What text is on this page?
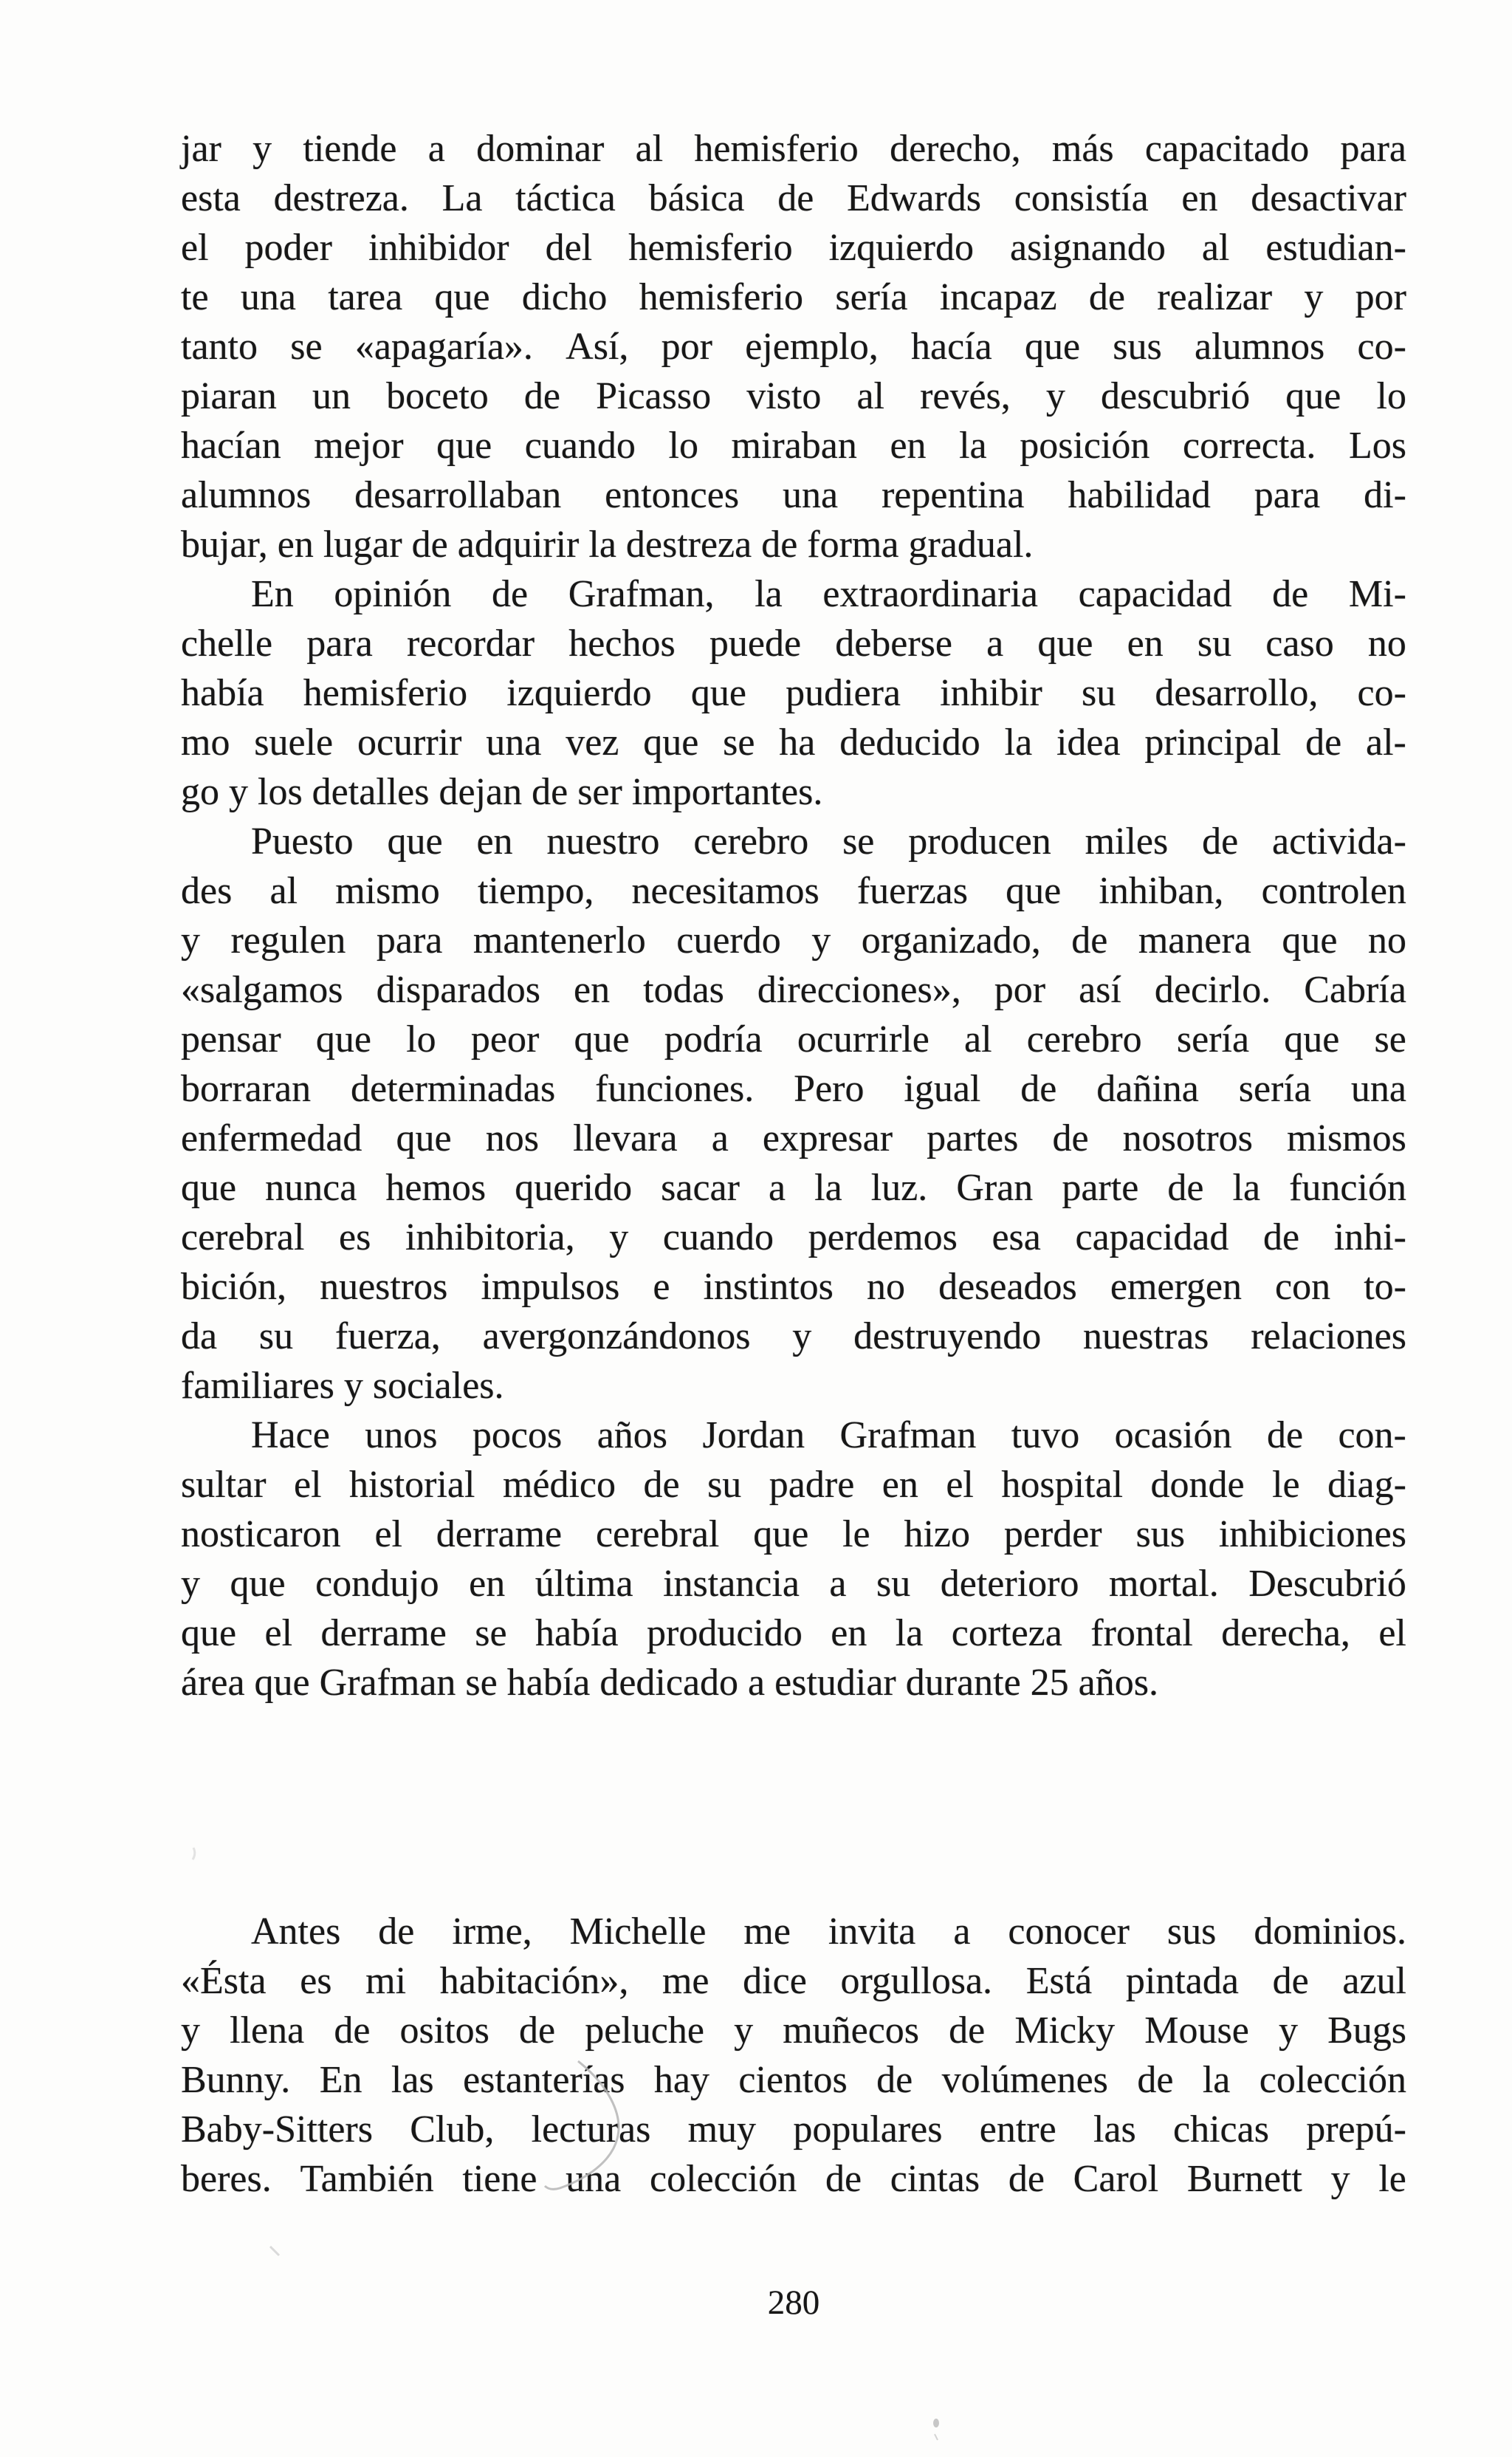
jar y tiende a dominar al hemisferio derecho, más capacitado para
esta destreza. La táctica básica de Edwards consistía en desactivar
el poder inhibidor del hemisferio izquierdo asignando al estudian-
te una tarea que dicho hemisferio sería incapaz de realizar y por
tanto se «apagaría». Así, por ejemplo, hacía que sus alumnos co-
piaran un boceto de Picasso visto al revés, y descubrió que lo
hacían mejor que cuando lo miraban en la posición correcta. Los
alumnos desarrollaban entonces una repentina habilidad para di-
bujar, en lugar de adquirir la destreza de forma gradual.
En opinión de Grafman, la extraordinaria capacidad de Mi-
chelle para recordar hechos puede deberse a que en su caso no
había hemisferio izquierdo que pudiera inhibir su desarrollo, co-
mo suele ocurrir una vez que se ha deducido la idea principal de al-
go y los detalles dejan de ser importantes.
Puesto que en nuestro cerebro se producen miles de activida-
des al mismo tiempo, necesitamos fuerzas que inhiban, controlen
y regulen para mantenerlo cuerdo y organizado, de manera que no
«salgamos disparados en todas direcciones», por así decirlo. Cabría
pensar que lo peor que podría ocurrirle al cerebro sería que se
borraran determinadas funciones. Pero igual de dañina sería una
enfermedad que nos llevara a expresar partes de nosotros mismos
que nunca hemos querido sacar a la luz. Gran parte de la función
cerebral es inhibitoria, y cuando perdemos esa capacidad de inhi-
bición, nuestros impulsos e instintos no deseados emergen con to-
da su fuerza, avergonzándonos y destruyendo nuestras relaciones
familiares y sociales.
Hace unos pocos años Jordan Grafman tuvo ocasión de con-
sultar el historial médico de su padre en el hospital donde le diag-
nosticaron el derrame cerebral que le hizo perder sus inhibiciones
y que condujo en última instancia a su deterioro mortal. Descubrió
que el derrame se había producido en la corteza frontal derecha, el
área que Grafman se había dedicado a estudiar durante 25 años.
Antes de irme, Michelle me invita a conocer sus dominios.
«Ésta es mi habitación», me dice orgullosa. Está pintada de azul
y llena de ositos de peluche y muñecos de Micky Mouse y Bugs
Bunny. En las estanterías hay cientos de volúmenes de la colección
Baby-Sitters Club, lecturas muy populares entre las chicas prepú-
beres. También tiene una colección de cintas de Carol Burnett y le
280
